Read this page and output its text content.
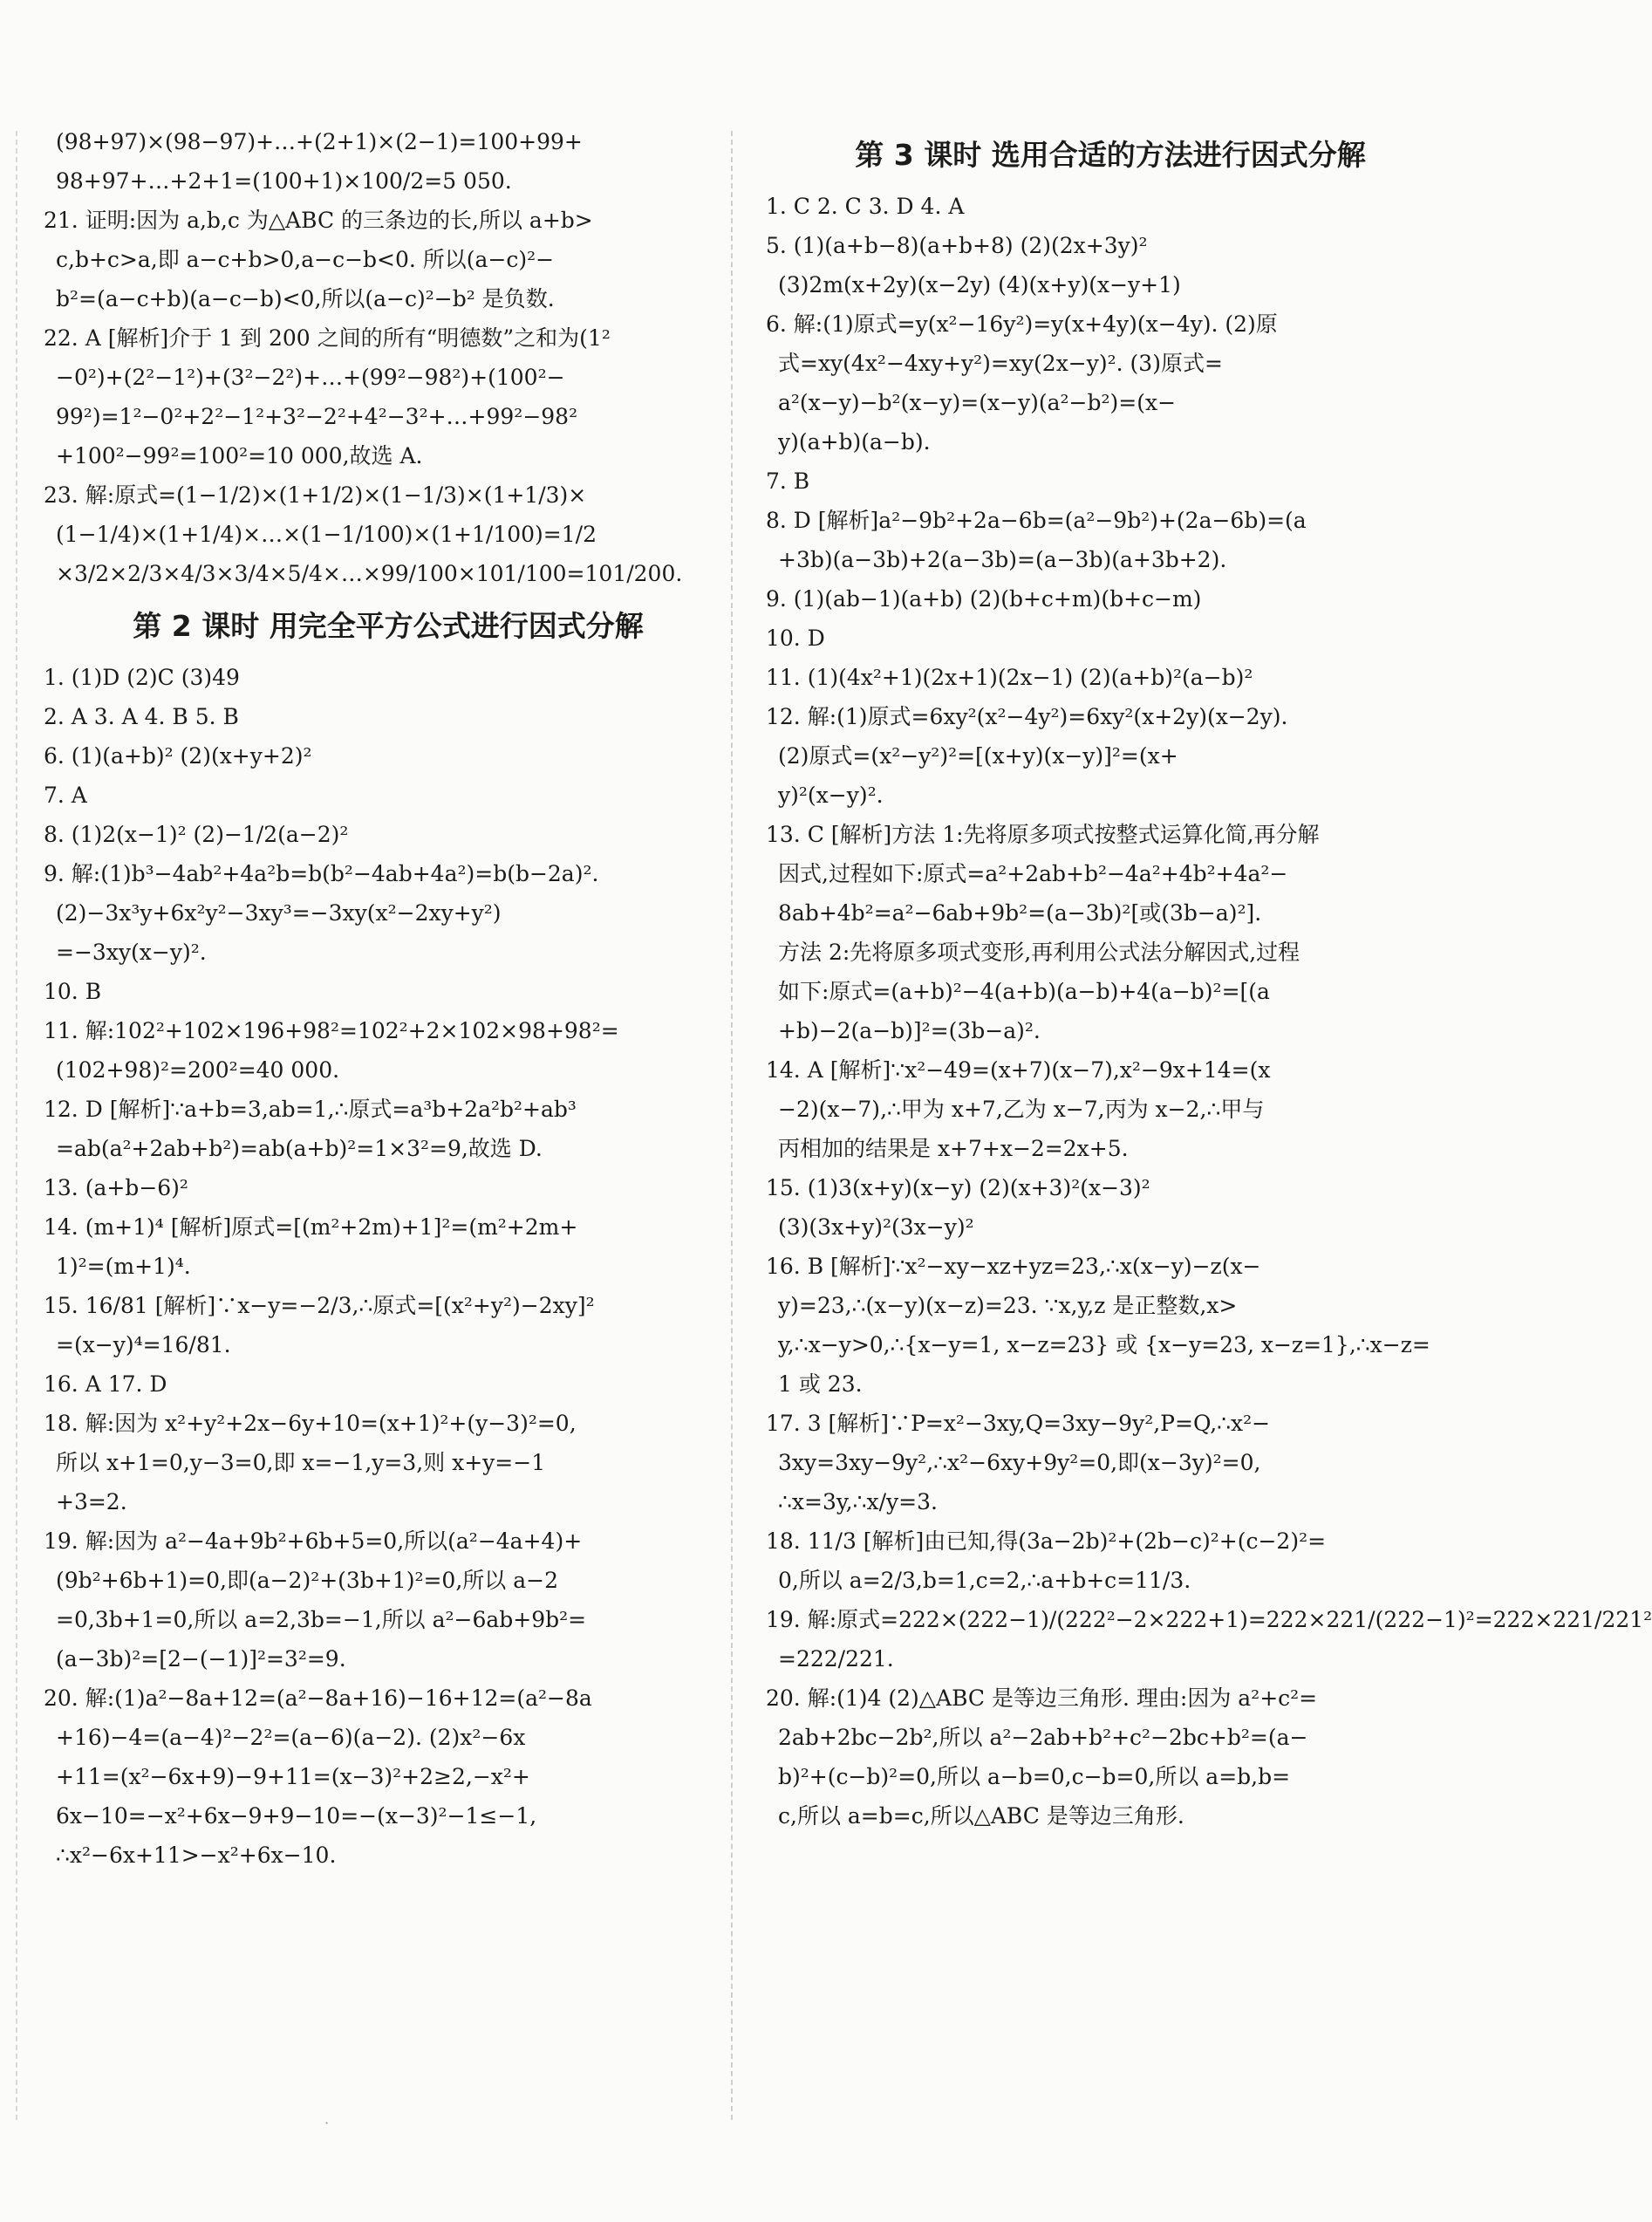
(98+97)×(98−97)+…+(2+1)×(2−1)=100+99+
98+97+…+2+1=(100+1)×100/2=5 050.
21. 证明:因为 a,b,c 为△ABC 的三条边的长,所以 a+b>
c,b+c>a,即 a−c+b>0,a−c−b<0. 所以(a−c)²−
b²=(a−c+b)(a−c−b)<0,所以(a−c)²−b² 是负数.
22. A [解析]介于 1 到 200 之间的所有“明德数”之和为(1²
−0²)+(2²−1²)+(3²−2²)+…+(99²−98²)+(100²−
99²)=1²−0²+2²−1²+3²−2²+4²−3²+…+99²−98²
+100²−99²=100²=10 000,故选 A.
23. 解:原式=(1−1/2)×(1+1/2)×(1−1/3)×(1+1/3)×
(1−1/4)×(1+1/4)×…×(1−1/100)×(1+1/100)=1/2
×3/2×2/3×4/3×3/4×5/4×…×99/100×101/100=101/200.
第 2 课时 用完全平方公式进行因式分解
1. (1)D (2)C (3)49
2. A 3. A 4. B 5. B
6. (1)(a+b)² (2)(x+y+2)²
7. A
8. (1)2(x−1)² (2)−1/2(a−2)²
9. 解:(1)b³−4ab²+4a²b=b(b²−4ab+4a²)=b(b−2a)².
(2)−3x³y+6x²y²−3xy³=−3xy(x²−2xy+y²)
=−3xy(x−y)².
10. B
11. 解:102²+102×196+98²=102²+2×102×98+98²=
(102+98)²=200²=40 000.
12. D [解析]∵a+b=3,ab=1,∴原式=a³b+2a²b²+ab³
=ab(a²+2ab+b²)=ab(a+b)²=1×3²=9,故选 D.
13. (a+b−6)²
14. (m+1)⁴ [解析]原式=[(m²+2m)+1]²=(m²+2m+
1)²=(m+1)⁴.
15. 16/81 [解析]∵x−y=−2/3,∴原式=[(x²+y²)−2xy]²
=(x−y)⁴=16/81.
16. A 17. D
18. 解:因为 x²+y²+2x−6y+10=(x+1)²+(y−3)²=0,
所以 x+1=0,y−3=0,即 x=−1,y=3,则 x+y=−1
+3=2.
19. 解:因为 a²−4a+9b²+6b+5=0,所以(a²−4a+4)+
(9b²+6b+1)=0,即(a−2)²+(3b+1)²=0,所以 a−2
=0,3b+1=0,所以 a=2,3b=−1,所以 a²−6ab+9b²=
(a−3b)²=[2−(−1)]²=3²=9.
20. 解:(1)a²−8a+12=(a²−8a+16)−16+12=(a²−8a
+16)−4=(a−4)²−2²=(a−6)(a−2). (2)x²−6x
+11=(x²−6x+9)−9+11=(x−3)²+2≥2,−x²+
6x−10=−x²+6x−9+9−10=−(x−3)²−1≤−1,
∴x²−6x+11>−x²+6x−10.
第 3 课时 选用合适的方法进行因式分解
1. C 2. C 3. D 4. A
5. (1)(a+b−8)(a+b+8) (2)(2x+3y)²
(3)2m(x+2y)(x−2y) (4)(x+y)(x−y+1)
6. 解:(1)原式=y(x²−16y²)=y(x+4y)(x−4y). (2)原
式=xy(4x²−4xy+y²)=xy(2x−y)². (3)原式=
a²(x−y)−b²(x−y)=(x−y)(a²−b²)=(x−
y)(a+b)(a−b).
7. B
8. D [解析]a²−9b²+2a−6b=(a²−9b²)+(2a−6b)=(a
+3b)(a−3b)+2(a−3b)=(a−3b)(a+3b+2).
9. (1)(ab−1)(a+b) (2)(b+c+m)(b+c−m)
10. D
11. (1)(4x²+1)(2x+1)(2x−1) (2)(a+b)²(a−b)²
12. 解:(1)原式=6xy²(x²−4y²)=6xy²(x+2y)(x−2y).
(2)原式=(x²−y²)²=[(x+y)(x−y)]²=(x+
y)²(x−y)².
13. C [解析]方法 1:先将原多项式按整式运算化简,再分解
因式,过程如下:原式=a²+2ab+b²−4a²+4b²+4a²−
8ab+4b²=a²−6ab+9b²=(a−3b)²[或(3b−a)²].
方法 2:先将原多项式变形,再利用公式法分解因式,过程
如下:原式=(a+b)²−4(a+b)(a−b)+4(a−b)²=[(a
+b)−2(a−b)]²=(3b−a)².
14. A [解析]∵x²−49=(x+7)(x−7),x²−9x+14=(x
−2)(x−7),∴甲为 x+7,乙为 x−7,丙为 x−2,∴甲与
丙相加的结果是 x+7+x−2=2x+5.
15. (1)3(x+y)(x−y) (2)(x+3)²(x−3)²
(3)(3x+y)²(3x−y)²
16. B [解析]∵x²−xy−xz+yz=23,∴x(x−y)−z(x−
y)=23,∴(x−y)(x−z)=23. ∵x,y,z 是正整数,x>
y,∴x−y>0,∴{x−y=1, x−z=23} 或 {x−y=23, x−z=1},∴x−z=
1 或 23.
17. 3 [解析]∵P=x²−3xy,Q=3xy−9y²,P=Q,∴x²−
3xy=3xy−9y²,∴x²−6xy+9y²=0,即(x−3y)²=0,
∴x=3y,∴x/y=3.
18. 11/3 [解析]由已知,得(3a−2b)²+(2b−c)²+(c−2)²=
0,所以 a=2/3,b=1,c=2,∴a+b+c=11/3.
19. 解:原式=222×(222−1)/(222²−2×222+1)=222×221/(222−1)²=222×221/221²
=222/221.
20. 解:(1)4 (2)△ABC 是等边三角形. 理由:因为 a²+c²=
2ab+2bc−2b²,所以 a²−2ab+b²+c²−2bc+b²=(a−
b)²+(c−b)²=0,所以 a−b=0,c−b=0,所以 a=b,b=
c,所以 a=b=c,所以△ABC 是等边三角形.
·
